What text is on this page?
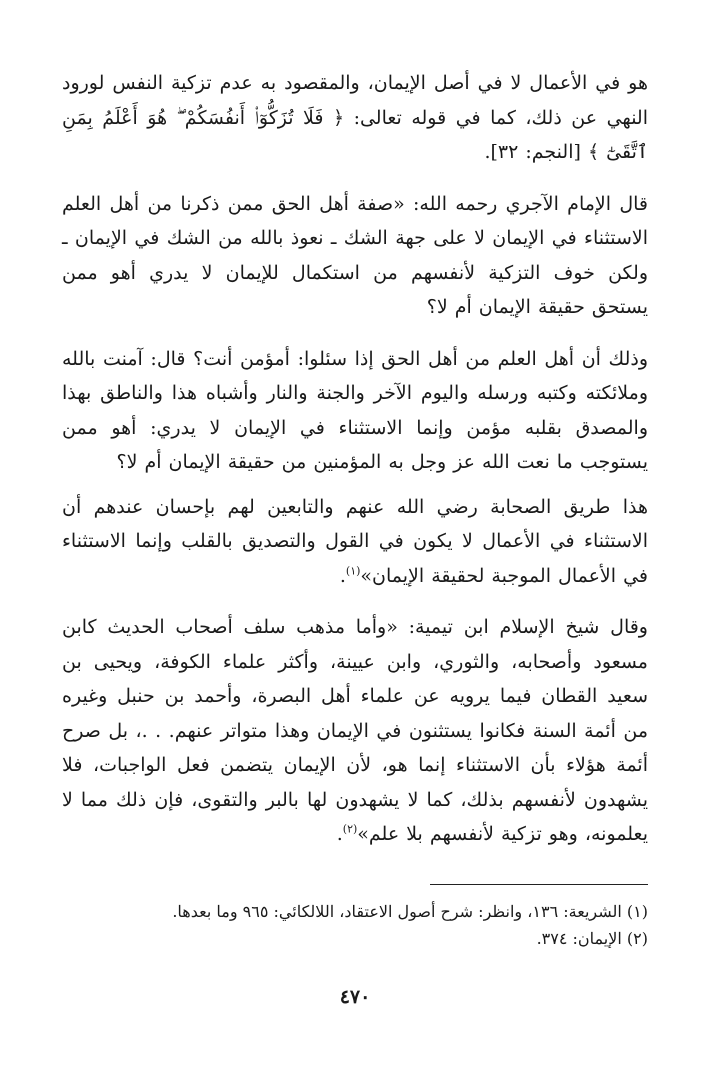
هو في الأعمال لا في أصل الإيمان، والمقصود به عدم تزكية النفس لورود النهي عن ذلك، كما في قوله تعالى: ﴿ فَلَا تُزَكُّوٓا۟ أَنفُسَكُمْ ۖ هُوَ أَعْلَمُ بِمَنِ ٱتَّقَىٰٓ ﴾ [النجم: ٣٢].

قال الإمام الآجري رحمه الله: «صفة أهل الحق ممن ذكرنا من أهل العلم الاستثناء في الإيمان لا على جهة الشك ـ نعوذ بالله من الشك في الإيمان ـ ولكن خوف التزكية لأنفسهم من استكمال للإيمان لا يدري أهو ممن يستحق حقيقة الإيمان أم لا؟

وذلك أن أهل العلم من أهل الحق إذا سئلوا: أمؤمن أنت؟ قال: آمنت بالله وملائكته وكتبه ورسله واليوم الآخر والجنة والنار وأشباه هذا والناطق بهذا والمصدق بقلبه مؤمن وإنما الاستثناء في الإيمان لا يدري: أهو ممن يستوجب ما نعت الله عز وجل به المؤمنين من حقيقة الإيمان أم لا؟

هذا طريق الصحابة رضي الله عنهم والتابعين لهم بإحسان عندهم أن الاستثناء في الأعمال لا يكون في القول والتصديق بالقلب وإنما الاستثناء في الأعمال الموجبة لحقيقة الإيمان»$^{(١)}$.

وقال شيخ الإسلام ابن تيمية: «وأما مذهب سلف أصحاب الحديث كابن مسعود وأصحابه، والثوري، وابن عيينة، وأكثر علماء الكوفة، ويحيى بن سعيد القطان فيما يرويه عن علماء أهل البصرة، وأحمد بن حنبل وغيره من أئمة السنة فكانوا يستثنون في الإيمان وهذا متواتر عنهم. . .، بل صرح أئمة هؤلاء بأن الاستثناء إنما هو، لأن الإيمان يتضمن فعل الواجبات، فلا يشهدون لأنفسهم بذلك، كما لا يشهدون لها بالبر والتقوى، فإن ذلك مما لا يعلمونه، وهو تزكية لأنفسهم بلا علم»$^{(٢)}$.

(١) الشريعة: ١٣٦، وانظر: شرح أصول الاعتقاد، اللالكائي: ٩٦٥ وما بعدها.

(٢) الإيمان: ٣٧٤.

٤٧٠
